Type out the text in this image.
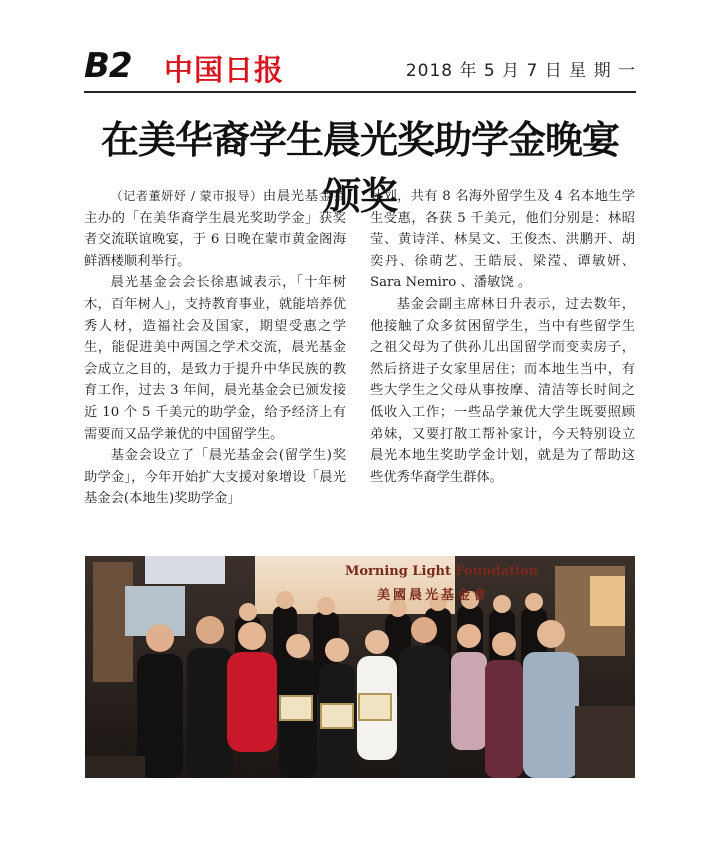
B2 中国日报	2018 年 5 月 7 日 星 期 一
在美华裔学生晨光奖助学金晚宴颁奖

（记者董妍妤 / 蒙市报导）由晨光基金会主办的「在美华裔学生晨光奖助学金」获奖者交流联谊晚宴，于 6 日晚在蒙市黄金阁海鲜酒楼顺利举行。

晨光基金会会长徐惠诚表示，「十年树木，百年树人」，支持教育事业，就能培养优秀人材，造福社会及国家，期望受惠之学生，能促进美中两国之学术交流，晨光基金会成立之目的，是致力于提升中华民族的教育工作，过去 3 年间，晨光基金会已颁发接近 10 个 5 千美元的助学金，给予经济上有需要而又品学兼优的中国留学生。

基金会设立了「晨光基金会(留学生)奖助学金」，今年开始扩大支援对象增设「晨光基金会(本地生)奖助学金」

计划，共有 8 名海外留学生及 4 名本地生学生受惠，各获 5 千美元，他们分别是：林昭莹、黄诗洋、林昊文、王俊杰、洪鹏开、胡奕丹、徐萌艺、王皓辰、梁滢、谭敏妍、Sara Nemiro 、潘敏饶 。

基金会副主席林日升表示，过去数年，他接触了众多贫困留学生，当中有些留学生之祖父母为了供孙儿出国留学而变卖房子，然后挤进子女家里居住；而本地生当中，有些大学生之父母从事按摩、清洁等长时间之低收入工作；一些品学兼优大学生既要照顾弟妹，又要打散工帮补家计，今天特别设立晨光本地生奖助学金计划，就是为了帮助这些优秀华裔学生群体。

Morning Light Foundation
美國晨光基金會
